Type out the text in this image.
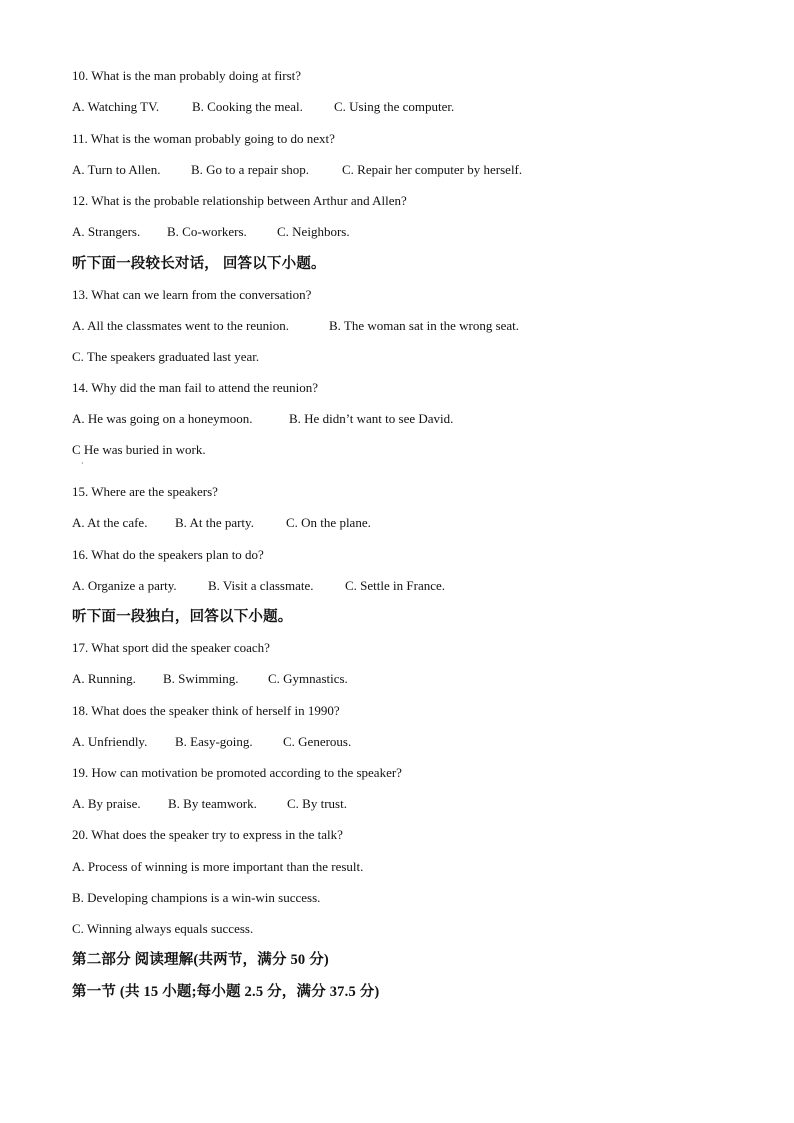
·
10. What is the man probably doing at first?
A. Watching TV.	B. Cooking the meal. C. Using the computer.
11. What is the woman probably going to do next?
A. Turn to Allen. B. Go to a repair shop.	C. Repair her computer by herself.
12. What is the probable relationship between Arthur and Allen?
A. Strangers. B. Co-workers. C. Neighbors.
听下面一段较长对话， 回答以下小题。
13. What can we learn from the conversation?
A. All the classmates went to the reunion.	B. The woman sat in the wrong seat.
C. The speakers graduated last year.
14. Why did the man fail to attend the reunion?
A. He was going on a honeymoon.	B. He didn’t want to see David.
C He was buried in work.
15. Where are the speakers?
A. At the cafe. B. At the party. C. On the plane.
16. What do the speakers plan to do?
A. Organize a party. B. Visit a classmate. C. Settle in France.
听下面一段独白，回答以下小题。
17. What sport did the speaker coach?
A. Running. B. Swimming. C. Gymnastics.
18. What does the speaker think of herself in 1990?
A. Unfriendly. B. Easy-going. C. Generous.
19. How can motivation be promoted according to the speaker?
A. By praise. B. By teamwork. C. By trust.
20. What does the speaker try to express in the talk?
A. Process of winning is more important than the result.
B. Developing champions is a win-win success.
C. Winning always equals success.
第二部分 阅读理解(共两节，满分 50 分)
第一节 (共 15 小题;每小题 2.5 分，满分 37.5 分)
